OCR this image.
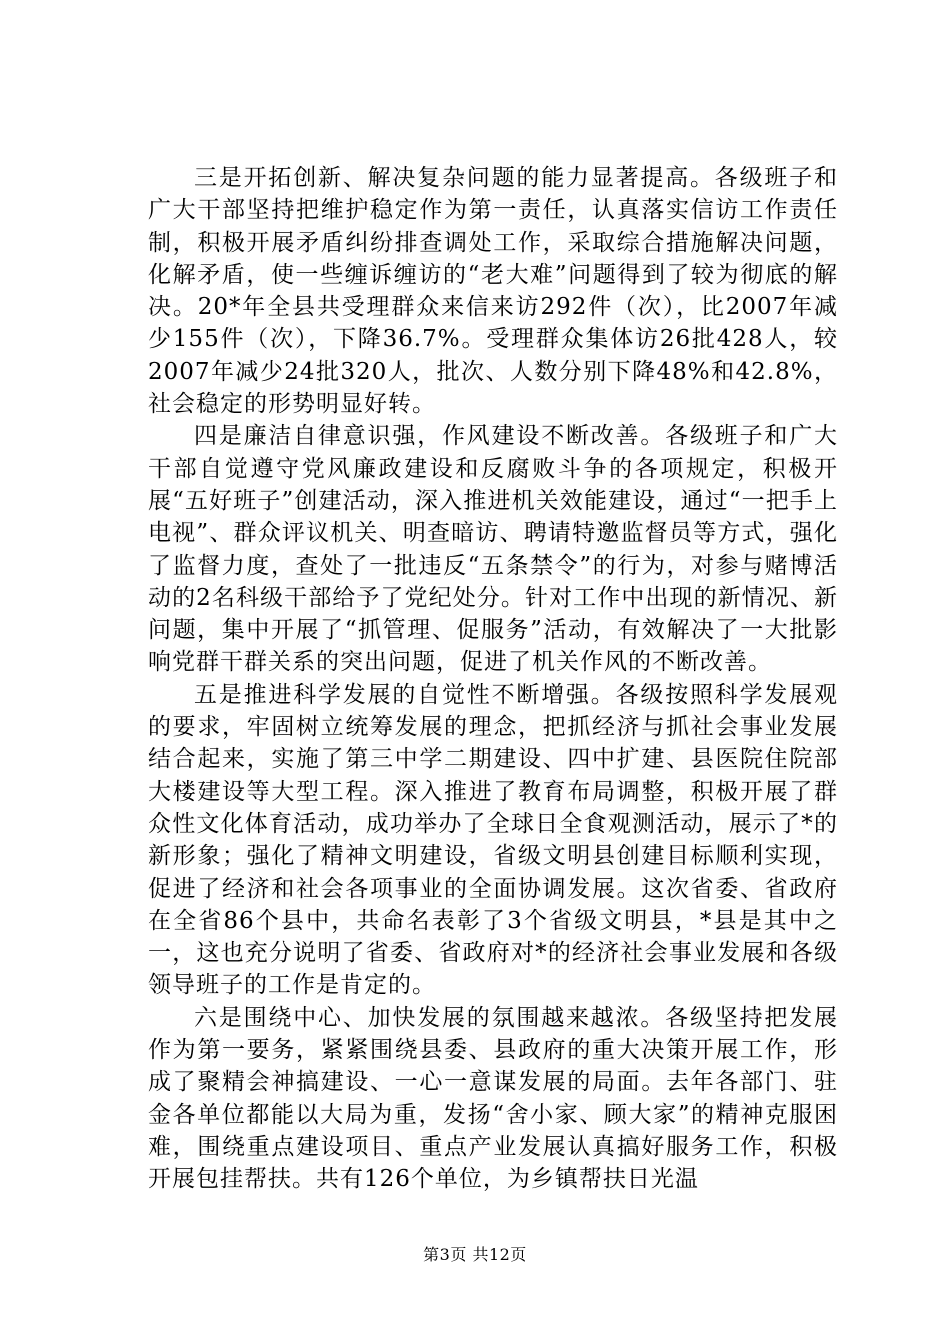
三是开拓创新、解决复杂问题的能力显著提高。各级班子和广大干部坚持把维护稳定作为第一责任，认真落实信访工作责任制，积极开展矛盾纠纷排查调处工作，采取综合措施解决问题，化解矛盾，使一些缠诉缠访的“老大难”问题得到了较为彻底的解决。20*年全县共受理群众来信来访292件（次），比2007年减少155件（次），下降36.7%。受理群众集体访26批428人，较2007年减少24批320人，批次、人数分别下降48%和42.8%，社会稳定的形势明显好转。

四是廉洁自律意识强，作风建设不断改善。各级班子和广大干部自觉遵守党风廉政建设和反腐败斗争的各项规定，积极开展“五好班子”创建活动，深入推进机关效能建设，通过“一把手上电视”、群众评议机关、明查暗访、聘请特邀监督员等方式，强化了监督力度，查处了一批违反“五条禁令”的行为，对参与赌博活动的2名科级干部给予了党纪处分。针对工作中出现的新情况、新问题，集中开展了“抓管理、促服务”活动，有效解决了一大批影响党群干群关系的突出问题，促进了机关作风的不断改善。

五是推进科学发展的自觉性不断增强。各级按照科学发展观的要求，牢固树立统筹发展的理念，把抓经济与抓社会事业发展结合起来，实施了第三中学二期建设、四中扩建、县医院住院部大楼建设等大型工程。深入推进了教育布局调整，积极开展了群众性文化体育活动，成功举办了全球日全食观测活动，展示了*的新形象；强化了精神文明建设，省级文明县创建目标顺利实现，促进了经济和社会各项事业的全面协调发展。这次省委、省政府在全省86个县中，共命名表彰了3个省级文明县，*县是其中之一，这也充分说明了省委、省政府对*的经济社会事业发展和各级领导班子的工作是肯定的。

六是围绕中心、加快发展的氛围越来越浓。各级坚持把发展作为第一要务，紧紧围绕县委、县政府的重大决策开展工作，形成了聚精会神搞建设、一心一意谋发展的局面。去年各部门、驻金各单位都能以大局为重，发扬“舍小家、顾大家”的精神克服困难，围绕重点建设项目、重点产业发展认真搞好服务工作，积极开展包挂帮扶。共有126个单位，为乡镇帮扶日光温

第3页 共12页
